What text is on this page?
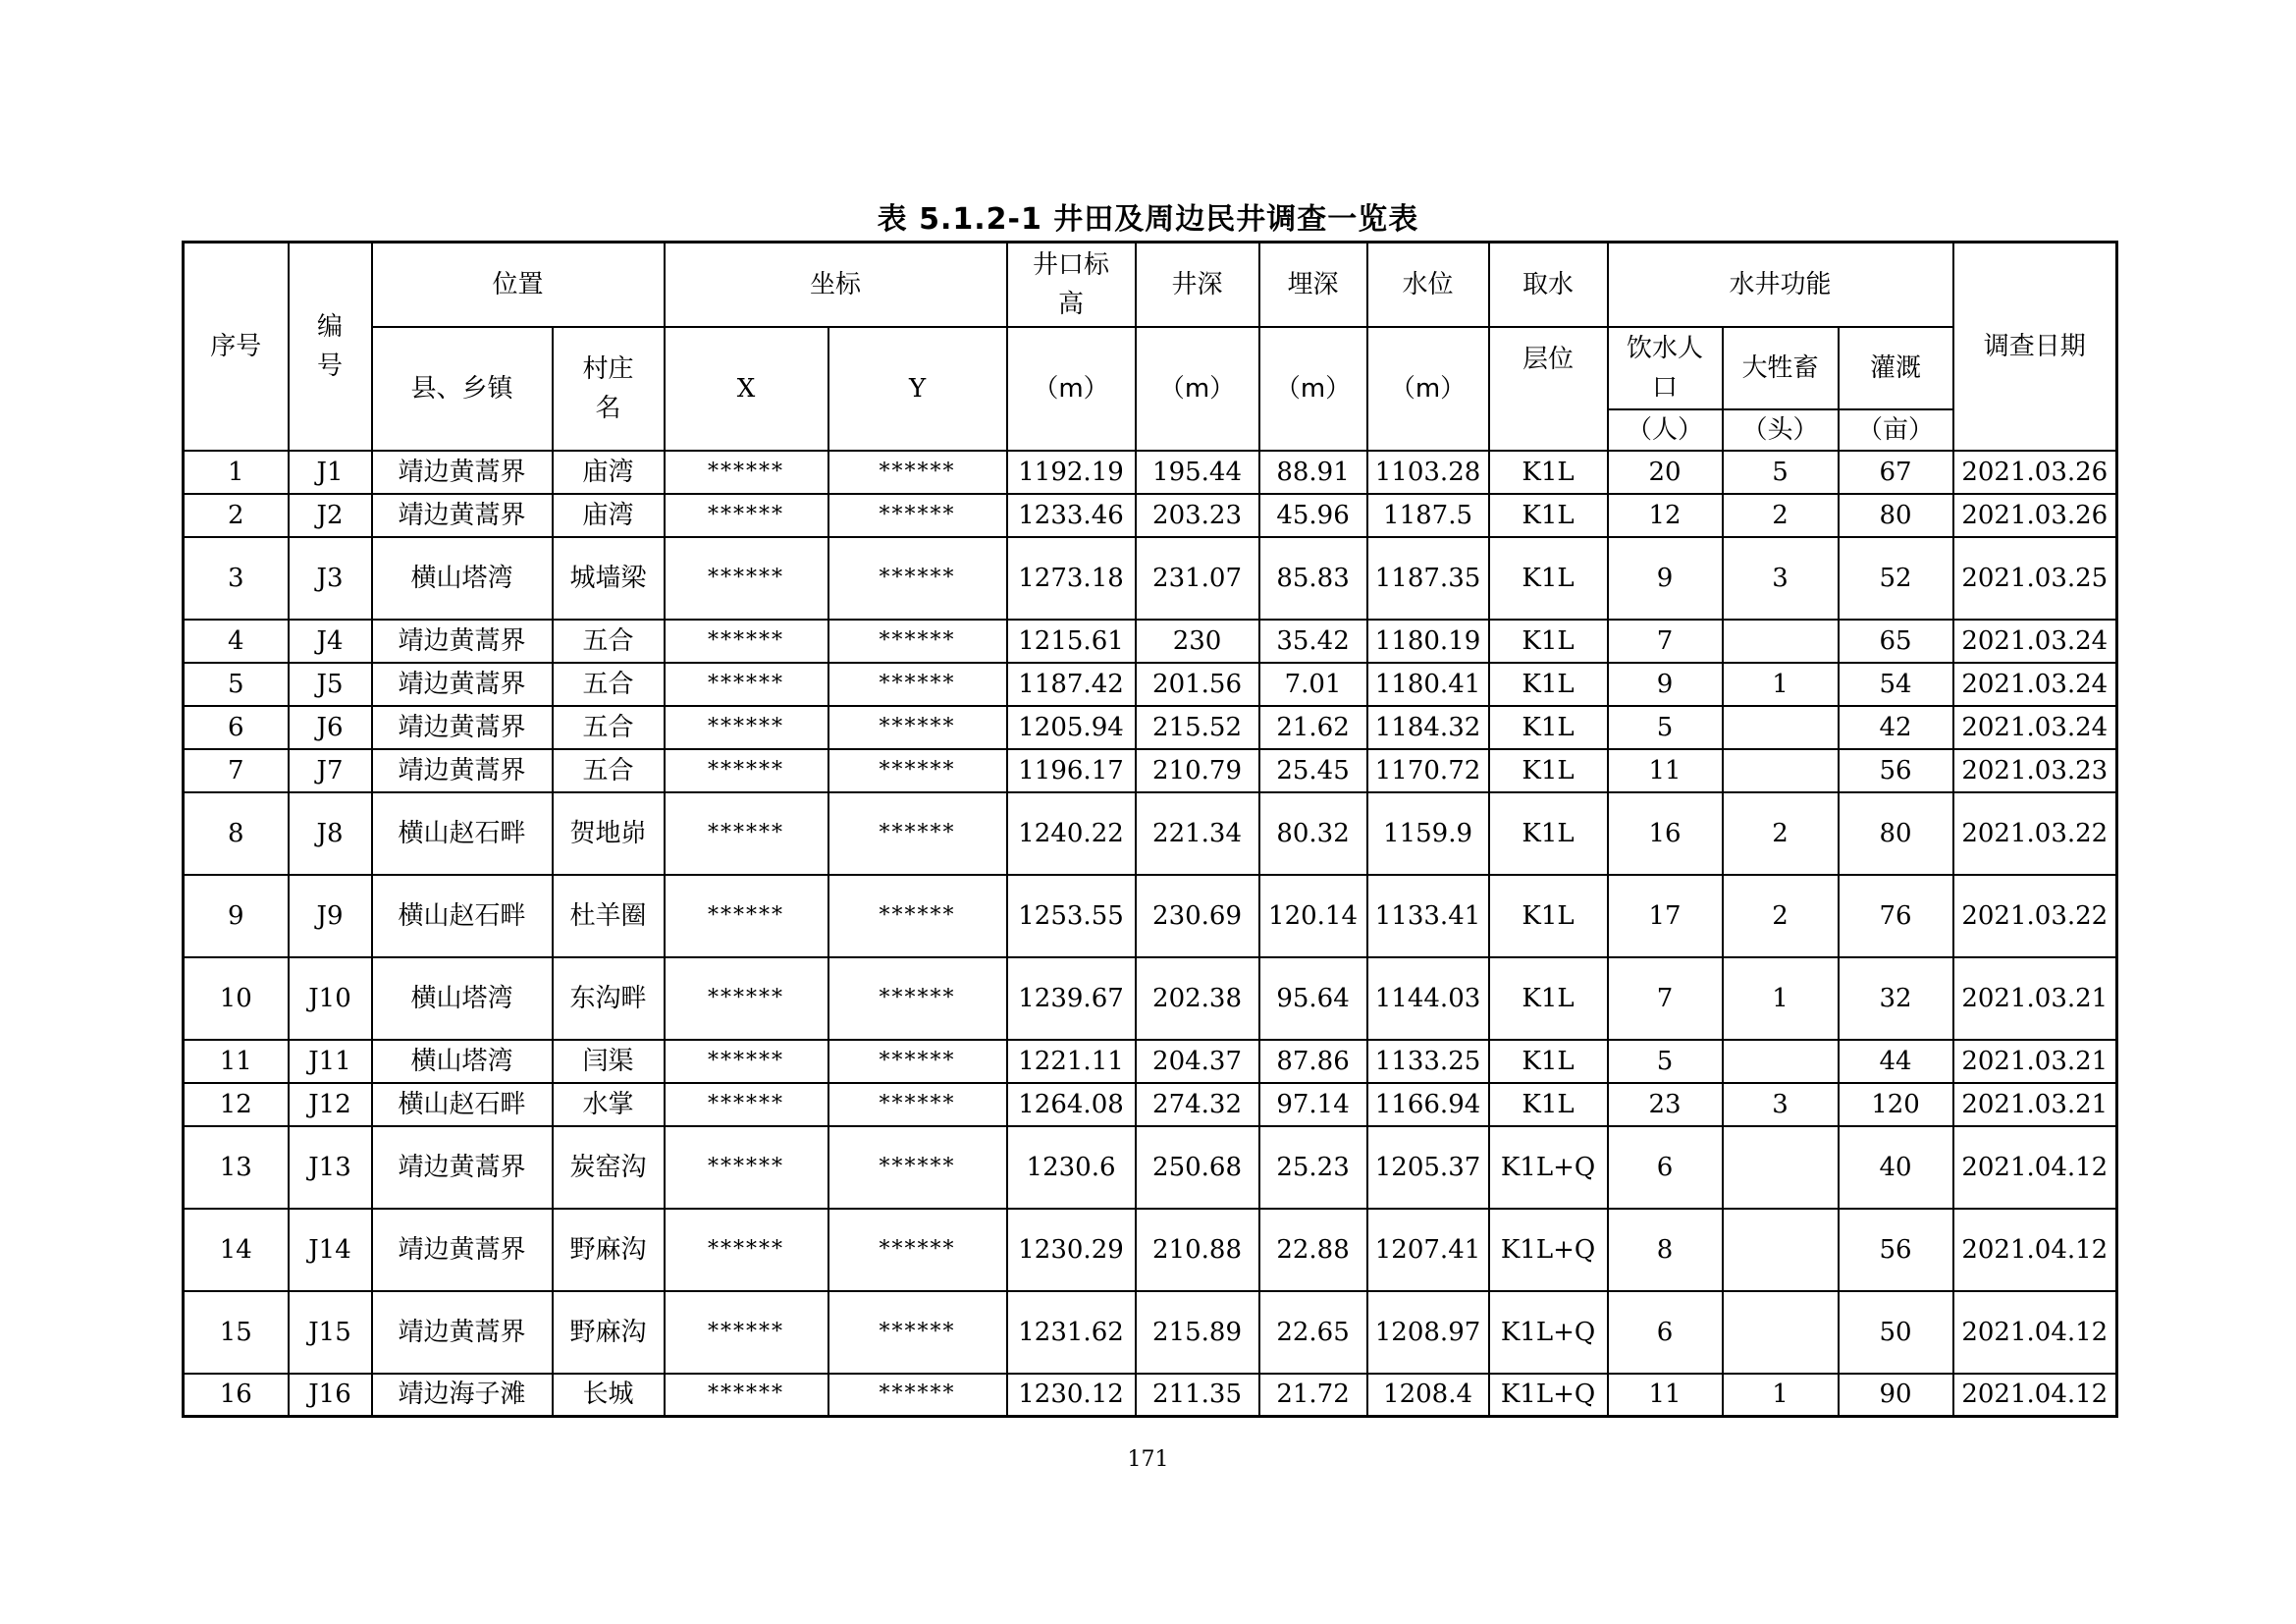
表 5.1.2-1 井田及周边民井调查一览表
序号	编号	位置		坐标		井口标高	井深	埋深	水位	取水	水井功能			调查日期
		县、乡镇	村庄名	X	Y	（m）	（m）	（m）	（m）	层位	饮水人口	大牲畜	灌溉	
											（人）	（头）	（亩）	
1	J1	靖边黄蒿界	庙湾	******	******	1192.19	195.44	88.91	1103.28	K1L	20	5	67	2021.03.26
2	J2	靖边黄蒿界	庙湾	******	******	1233.46	203.23	45.96	1187.5	K1L	12	2	80	2021.03.26
3	J3	横山塔湾	城墙梁	******	******	1273.18	231.07	85.83	1187.35	K1L	9	3	52	2021.03.25
4	J4	靖边黄蒿界	五合	******	******	1215.61	230	35.42	1180.19	K1L	7		65	2021.03.24
5	J5	靖边黄蒿界	五合	******	******	1187.42	201.56	7.01	1180.41	K1L	9	1	54	2021.03.24
6	J6	靖边黄蒿界	五合	******	******	1205.94	215.52	21.62	1184.32	K1L	5		42	2021.03.24
7	J7	靖边黄蒿界	五合	******	******	1196.17	210.79	25.45	1170.72	K1L	11		56	2021.03.23
8	J8	横山赵石畔	贺地峁	******	******	1240.22	221.34	80.32	1159.9	K1L	16	2	80	2021.03.22
9	J9	横山赵石畔	杜羊圈	******	******	1253.55	230.69	120.14	1133.41	K1L	17	2	76	2021.03.22
10	J10	横山塔湾	东沟畔	******	******	1239.67	202.38	95.64	1144.03	K1L	7	1	32	2021.03.21
11	J11	横山塔湾	闫渠	******	******	1221.11	204.37	87.86	1133.25	K1L	5		44	2021.03.21
12	J12	横山赵石畔	水掌	******	******	1264.08	274.32	97.14	1166.94	K1L	23	3	120	2021.03.21
13	J13	靖边黄蒿界	炭窑沟	******	******	1230.6	250.68	25.23	1205.37	K1L+Q	6		40	2021.04.12
14	J14	靖边黄蒿界	野麻沟	******	******	1230.29	210.88	22.88	1207.41	K1L+Q	8		56	2021.04.12
15	J15	靖边黄蒿界	野麻沟	******	******	1231.62	215.89	22.65	1208.97	K1L+Q	6		50	2021.04.12
16	J16	靖边海子滩	长城	******	******	1230.12	211.35	21.72	1208.4	K1L+Q	11	1	90	2021.04.12
171
